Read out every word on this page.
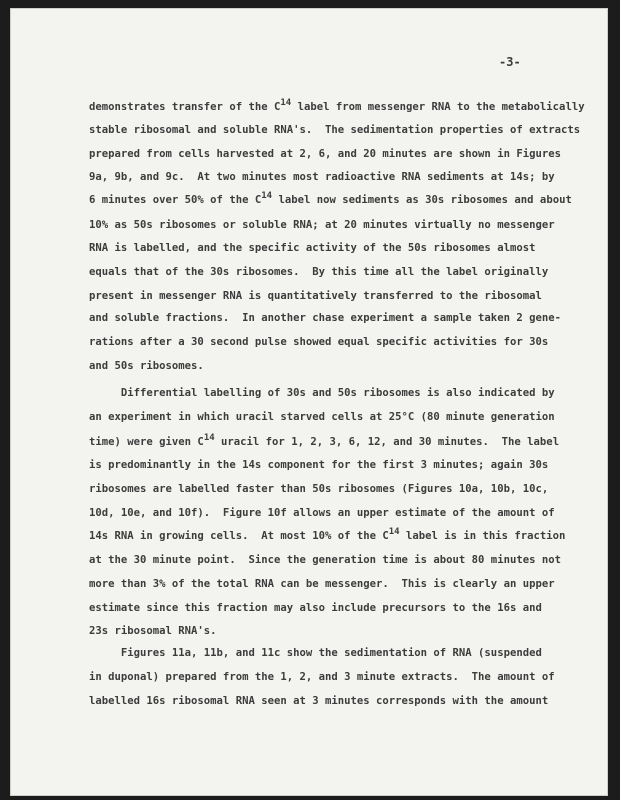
-3-
demonstrates transfer of the $C^{14}$ label from messenger RNA to the metabolically
stable ribosomal and soluble RNA's.  The sedimentation properties of extracts
prepared from cells harvested at 2, 6, and 20 minutes are shown in Figures
9a, 9b, and 9c.  At two minutes most radioactive RNA sediments at 14s; by
6 minutes over 50% of the $C^{14}$ label now sediments as 30s ribosomes and about
10% as 50s ribosomes or soluble RNA; at 20 minutes virtually no messenger
RNA is labelled, and the specific activity of the 50s ribosomes almost
equals that of the 30s ribosomes.  By this time all the label originally
present in messenger RNA is quantitatively transferred to the ribosomal
and soluble fractions.  In another chase experiment a sample taken 2 gene-
rations after a 30 second pulse showed equal specific activities for 30s
and 50s ribosomes.
Differential labelling of 30s and 50s ribosomes is also indicated by
an experiment in which uracil starved cells at 25°C (80 minute generation
time) were given $C^{14}$ uracil for 1, 2, 3, 6, 12, and 30 minutes.  The label
is predominantly in the 14s component for the first 3 minutes; again 30s
ribosomes are labelled faster than 50s ribosomes (Figures 10a, 10b, 10c,
10d, 10e, and 10f).  Figure 10f allows an upper estimate of the amount of
14s RNA in growing cells.  At most 10% of the $C^{14}$ label is in this fraction
at the 30 minute point.  Since the generation time is about 80 minutes not
more than 3% of the total RNA can be messenger.  This is clearly an upper
estimate since this fraction may also include precursors to the 16s and
23s ribosomal RNA's.
Figures 11a, 11b, and 11c show the sedimentation of RNA (suspended
in duponal) prepared from the 1, 2, and 3 minute extracts.  The amount of
labelled 16s ribosomal RNA seen at 3 minutes corresponds with the amount
